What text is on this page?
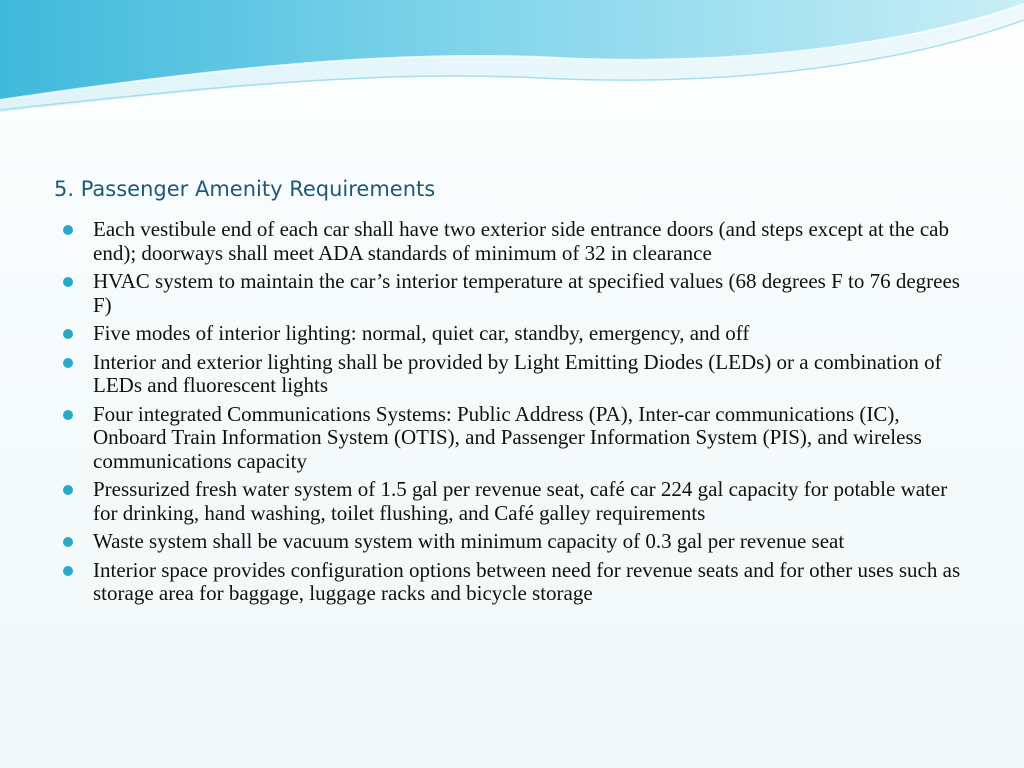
5. Passenger Amenity Requirements
Each vestibule end of each car shall have two exterior side entrance doors (and steps except at the cab end); doorways shall meet ADA standards of minimum of 32 in clearance
HVAC system to maintain the car’s interior temperature at specified values (68 degrees F to 76 degrees F)
Five modes of interior lighting: normal, quiet car, standby, emergency, and off
Interior and exterior lighting shall be provided by Light Emitting Diodes (LEDs) or a combination of LEDs and fluorescent lights
Four integrated Communications Systems: Public Address (PA), Inter-car communications (IC), Onboard Train Information System (OTIS), and Passenger Information System (PIS), and wireless communications capacity
Pressurized fresh water system of 1.5 gal per revenue seat, café car 224 gal capacity for potable water for drinking, hand washing, toilet flushing, and Café galley requirements
Waste system shall be vacuum system with minimum capacity of 0.3 gal per revenue seat
Interior space provides configuration options between need for revenue seats and for other uses such as storage area for baggage, luggage racks and bicycle storage
